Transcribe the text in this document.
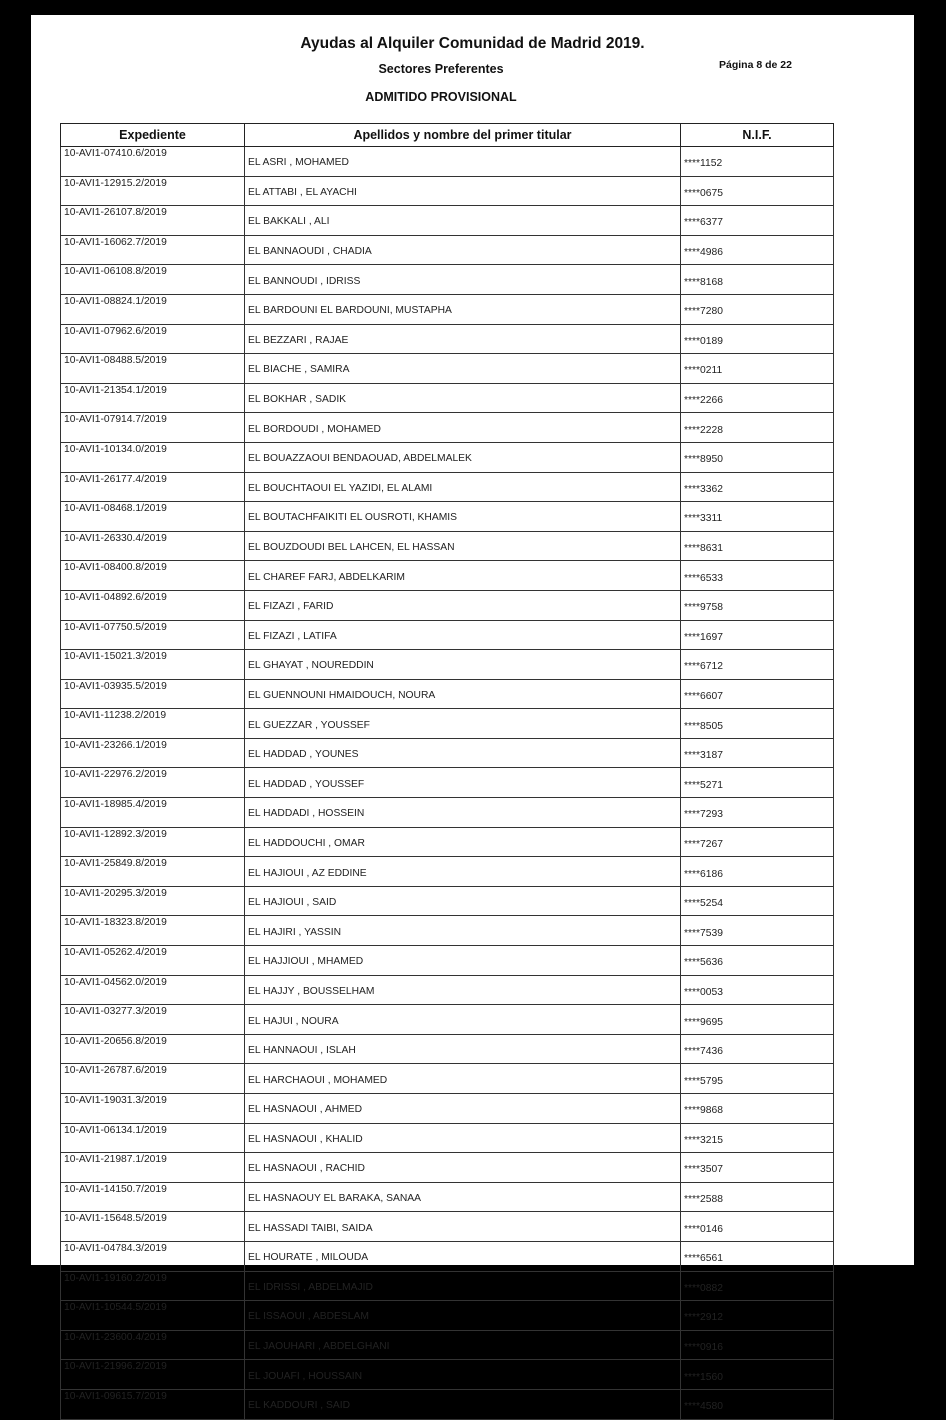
Ayudas al Alquiler Comunidad de Madrid 2019.
Sectores Preferentes
ADMITIDO PROVISIONAL
Página 8 de 22
Expediente	Apellidos y nombre del primer titular	N.I.F.
10-AVI1-07410.6/2019	EL ASRI , MOHAMED	****1152
10-AVI1-12915.2/2019	EL ATTABI , EL AYACHI	****0675
10-AVI1-26107.8/2019	EL BAKKALI , ALI	****6377
10-AVI1-16062.7/2019	EL BANNAOUDI , CHADIA	****4986
10-AVI1-06108.8/2019	EL BANNOUDI , IDRISS	****8168
10-AVI1-08824.1/2019	EL BARDOUNI EL BARDOUNI, MUSTAPHA	****7280
10-AVI1-07962.6/2019	EL BEZZARI , RAJAE	****0189
10-AVI1-08488.5/2019	EL BIACHE , SAMIRA	****0211
10-AVI1-21354.1/2019	EL BOKHAR , SADIK	****2266
10-AVI1-07914.7/2019	EL BORDOUDI , MOHAMED	****2228
10-AVI1-10134.0/2019	EL BOUAZZAOUI BENDAOUAD, ABDELMALEK	****8950
10-AVI1-26177.4/2019	EL BOUCHTAOUI EL YAZIDI, EL ALAMI	****3362
10-AVI1-08468.1/2019	EL BOUTACHFAIKITI EL OUSROTI, KHAMIS	****3311
10-AVI1-26330.4/2019	EL BOUZDOUDI BEL LAHCEN, EL HASSAN	****8631
10-AVI1-08400.8/2019	EL CHAREF FARJ, ABDELKARIM	****6533
10-AVI1-04892.6/2019	EL FIZAZI , FARID	****9758
10-AVI1-07750.5/2019	EL FIZAZI , LATIFA	****1697
10-AVI1-15021.3/2019	EL GHAYAT , NOUREDDIN	****6712
10-AVI1-03935.5/2019	EL GUENNOUNI HMAIDOUCH, NOURA	****6607
10-AVI1-11238.2/2019	EL GUEZZAR , YOUSSEF	****8505
10-AVI1-23266.1/2019	EL HADDAD , YOUNES	****3187
10-AVI1-22976.2/2019	EL HADDAD , YOUSSEF	****5271
10-AVI1-18985.4/2019	EL HADDADI , HOSSEIN	****7293
10-AVI1-12892.3/2019	EL HADDOUCHI , OMAR	****7267
10-AVI1-25849.8/2019	EL HAJIOUI , AZ EDDINE	****6186
10-AVI1-20295.3/2019	EL HAJIOUI , SAID	****5254
10-AVI1-18323.8/2019	EL HAJIRI , YASSIN	****7539
10-AVI1-05262.4/2019	EL HAJJIOUI , MHAMED	****5636
10-AVI1-04562.0/2019	EL HAJJY , BOUSSELHAM	****0053
10-AVI1-03277.3/2019	EL HAJUI , NOURA	****9695
10-AVI1-20656.8/2019	EL HANNAOUI , ISLAH	****7436
10-AVI1-26787.6/2019	EL HARCHAOUI , MOHAMED	****5795
10-AVI1-19031.3/2019	EL HASNAOUI , AHMED	****9868
10-AVI1-06134.1/2019	EL HASNAOUI , KHALID	****3215
10-AVI1-21987.1/2019	EL HASNAOUI , RACHID	****3507
10-AVI1-14150.7/2019	EL HASNAOUY EL BARAKA, SANAA	****2588
10-AVI1-15648.5/2019	EL HASSADI TAIBI, SAIDA	****0146
10-AVI1-04784.3/2019	EL HOURATE , MILOUDA	****6561
10-AVI1-19160.2/2019	EL IDRISSI , ABDELMAJID	****0882
10-AVI1-10544.5/2019	EL ISSAOUI , ABDESLAM	****2912
10-AVI1-23600.4/2019	EL JAOUHARI , ABDELGHANI	****0916
10-AVI1-21996.2/2019	EL JOUAFI , HOUSSAIN	****1560
10-AVI1-09615.7/2019	EL KADDOURI , SAID	****4580
